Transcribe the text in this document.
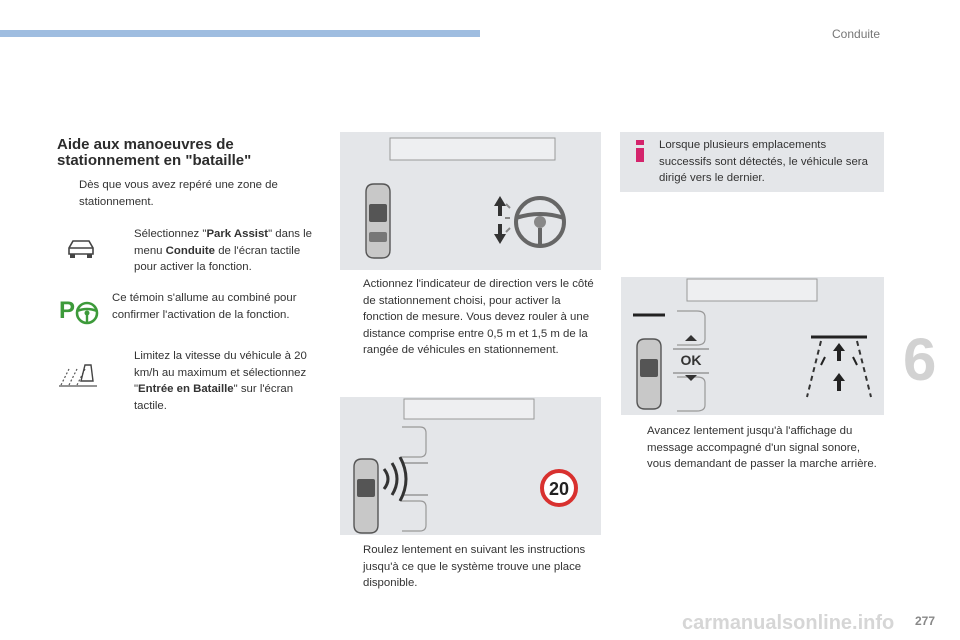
Conduite
6
277
carmanualsonline.info
Aide aux manoeuvres de stationnement en "bataille"
Dès que vous avez repéré une zone de stationnement.
Sélectionnez "Park Assist" dans le menu Conduite de l'écran tactile pour activer la fonction.
P	Ce témoin s'allume au combiné pour confirmer l'activation de la fonction.
Limitez la vitesse du véhicule à 20 km/h au maximum et sélectionnez "Entrée en Bataille" sur l'écran tactile.
Actionnez l'indicateur de direction vers le côté de stationnement choisi, pour activer la fonction de mesure. Vous devez rouler à une distance comprise entre 0,5 m et 1,5 m de la rangée de véhicules en stationnement.
20
Roulez lentement en suivant les instructions jusqu'à ce que le système trouve une place disponible.
Lorsque plusieurs emplacements successifs sont détectés, le véhicule sera dirigé vers le dernier.
OK
Avancez lentement jusqu'à l'affichage du message accompagné d'un signal sonore, vous demandant de passer la marche arrière.
